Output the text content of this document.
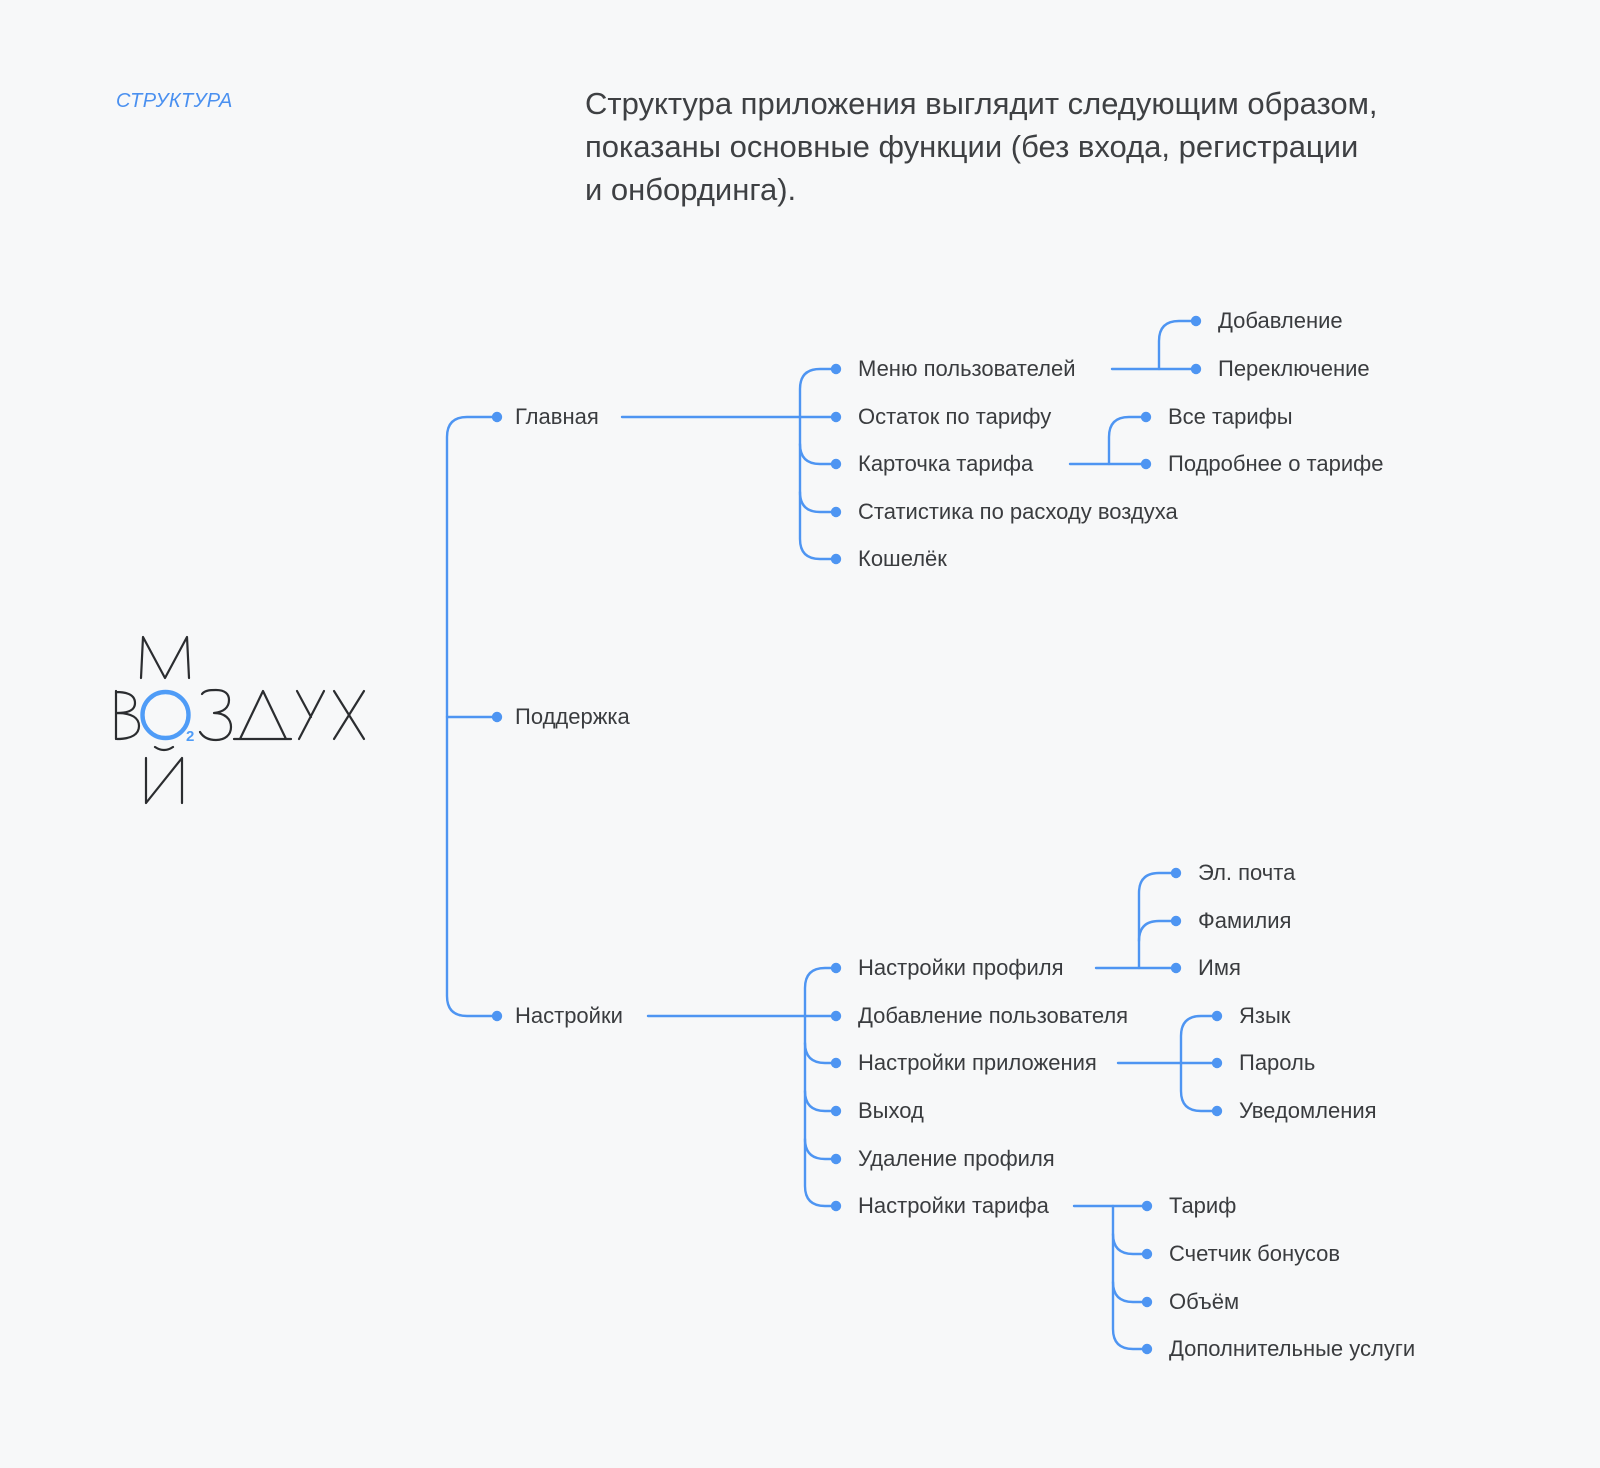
СТРУКТУРА	Структура приложения выглядит следующим образом,
показаны основные функции (без входа, регистрации
и онбординга).
2
Главная
Поддержка
Настройки
Меню пользователей
Остаток по тарифу
Карточка тарифа
Статистика по расходу воздуха
Кошелёк
Добавление
Переключение
Все тарифы
Подробнее о тарифе
Настройки профиля
Добавление пользователя
Настройки приложения
Выход
Удаление профиля
Настройки тарифа
Эл. почта
Фамилия
Имя
Язык
Пароль
Уведомления
Тариф
Счетчик бонусов
Объём
Дополнительные услуги
